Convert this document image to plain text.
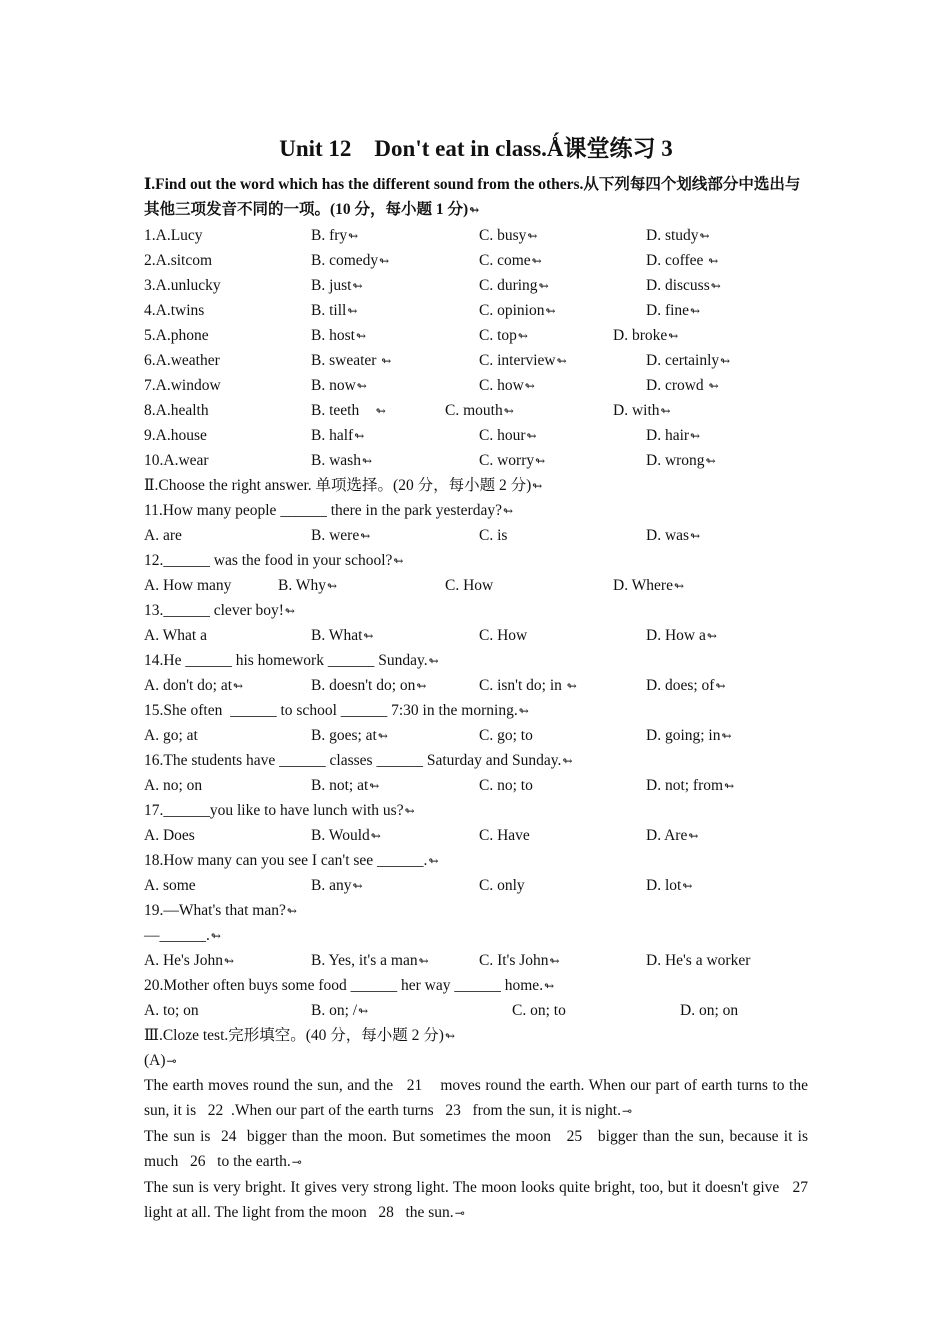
Unit 12　Don't eat in class.Ǻ课堂练习 3
Ⅰ.Find out the word which has the different sound from the others.从下列每四个划线部分中选出与其他三项发音不同的一项。(10 分，每小题 1 分)↬
1.A.Lucy	B. fry↬	C. busy↬	D. study↬
2.A.sitcom	B. comedy↬	C. come↬	D. coffee ↬
3.A.unlucky	B. just↬	C. during↬	D. discuss↬
4.A.twins	B. till↬	C. opinion↬	D. fine↬
5.A.phone	B. host↬	C. top↬	D. broke↬
6.A.weather	B. sweater ↬	C. interview↬	D. certainly↬
7.A.window	B. now↬	C. how↬	D. crowd ↬
8.A.health	B. teeth    ↬	C. mouth↬	D. with↬
9.A.house	B. half↬	C. hour↬	D. hair↬
10.A.wear	B. wash↬	C. worry↬	D. wrong↬
Ⅱ.Choose the right answer. 单项选择。(20 分，每小题 2 分)↬
11.How many people ______ there in the park yesterday?↬
A. are	B. were↬	C. is	D. was↬
12.______ was the food in your school?↬
A. How many	B. Why↬	C. How	D. Where↬
13.______ clever boy!↬
A. What a	B. What↬	C. How	D. How a↬
14.He ______ his homework ______ Sunday.↬
A. don't do; at↬	B. doesn't do; on↬	C. isn't do; in ↬	D. does; of↬
15.She often  ______ to school ______ 7:30 in the morning.↬
A. go; at	B. goes; at↬	C. go; to	D. going; in↬
16.The students have ______ classes ______ Saturday and Sunday.↬
A. no; on	B. not; at↬	C. no; to	D. not; from↬
17.______you like to have lunch with us?↬
A. Does	B. Would↬	C. Have	D. Are↬
18.How many can you see I can't see ______.↬
A. some	B. any↬	C. only	D. lot↬
19.—What's that man?↬
—______.↬
A. He's John↬	B. Yes, it's a man↬	C. It's John↬	D. He's a worker
20.Mother often buys some food ______ her way ______ home.↬
A. to; on	B. on; /↬	C. on; to	D. on; on
Ⅲ.Cloze test.完形填空。(40 分，每小题 2 分)↬
(A)⊸
The earth moves round the sun, and the   21    moves round the earth. When our part of earth turns to the sun, it is   22  .When our part of the earth turns   23   from the sun, it is night.⊸
The sun is  24  bigger than the moon. But sometimes the moon   25   bigger than the sun, because it is much   26   to the earth.⊸
The sun is very bright. It gives very strong light. The moon looks quite bright, too, but it doesn't give   27   light at all. The light from the moon   28   the sun.⊸
